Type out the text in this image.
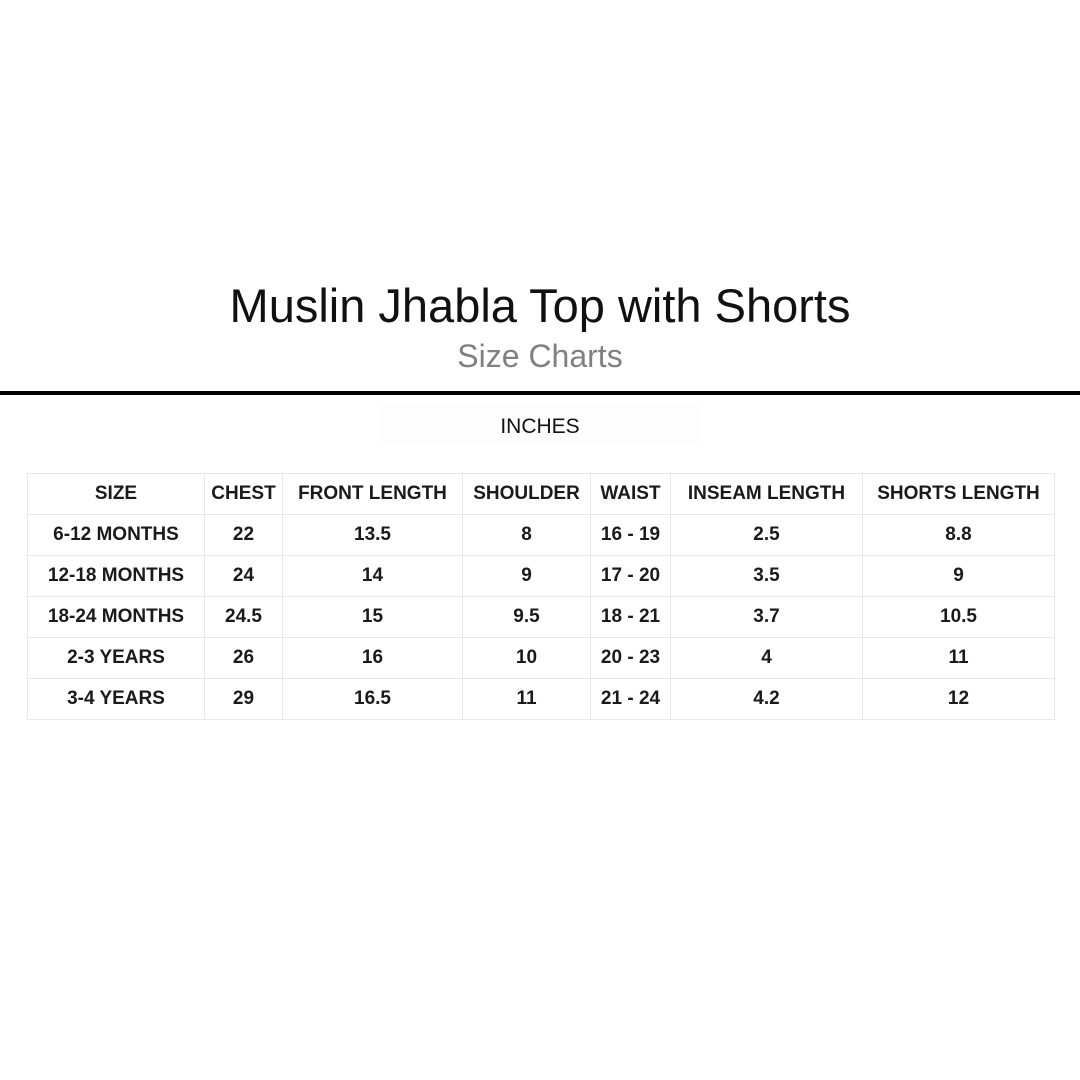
Muslin Jhabla Top with Shorts
Size Charts
INCHES
SIZE	CHEST	FRONT LENGTH	SHOULDER	WAIST	INSEAM LENGTH	SHORTS LENGTH
6-12 MONTHS	22	13.5	8	16 - 19	2.5	8.8
12-18 MONTHS	24	14	9	17 - 20	3.5	9
18-24 MONTHS	24.5	15	9.5	18 - 21	3.7	10.5
2-3 YEARS	26	16	10	20 - 23	4	11
3-4 YEARS	29	16.5	11	21 - 24	4.2	12
